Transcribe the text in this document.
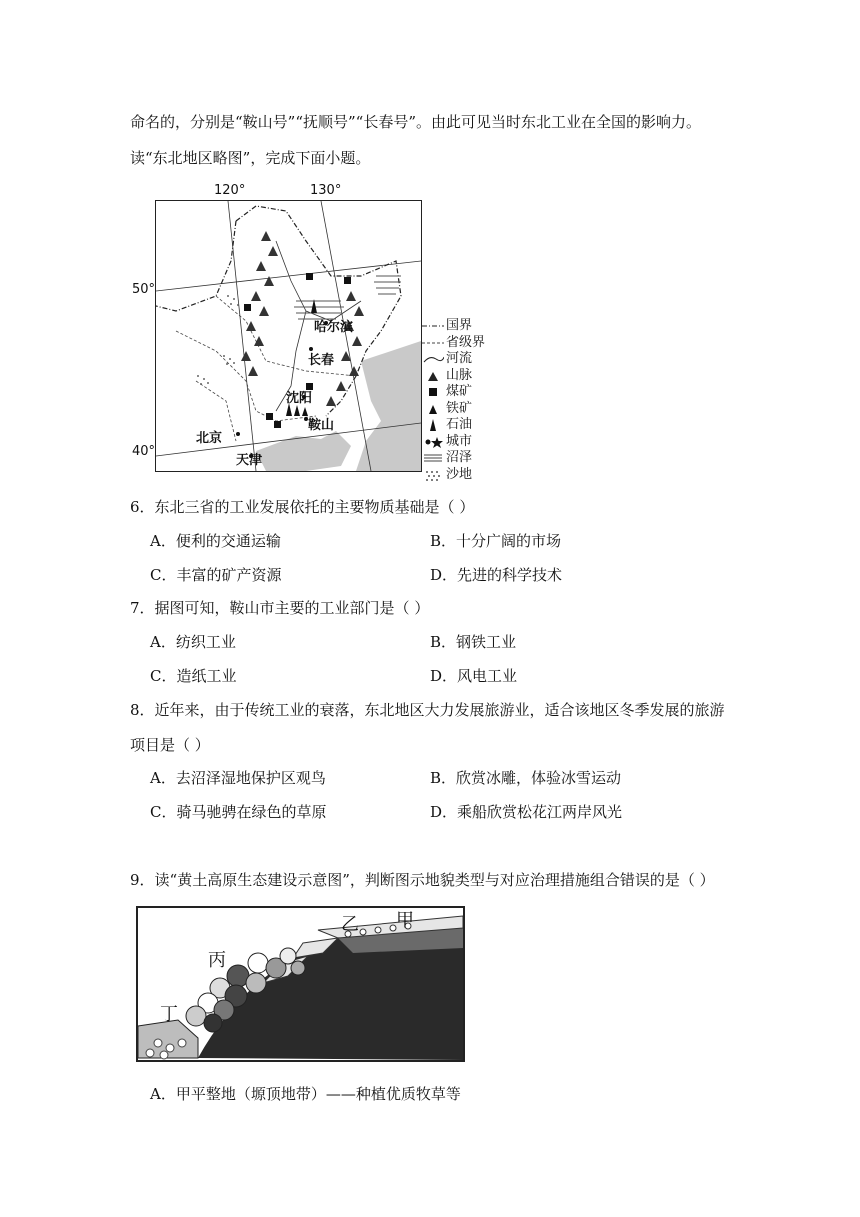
命名的，分别是“鞍山号”“抚顺号”“长春号”。由此可见当时东北工业在全国的影响力。
读“东北地区略图”，完成下面小题。
120°	130°
50°
40°
哈尔滨
长春
沈阳
鞍山
北京
天津
国界
省级界
河流
山脉
煤矿
铁矿
石油
城市
沼泽
沙地
6．东北三省的工业发展依托的主要物质基础是（ ）
A．便利的交通运输	B．十分广阔的市场
C．丰富的矿产资源	D．先进的科学技术
7．据图可知，鞍山市主要的工业部门是（ ）
A．纺织工业	B．钢铁工业
C．造纸工业	D．风电工业
8．近年来，由于传统工业的衰落，东北地区大力发展旅游业，适合该地区冬季发展的旅游
项目是（ ）
A．去沼泽湿地保护区观鸟	B．欣赏冰雕，体验冰雪运动
C．骑马驰骋在绿色的草原	D．乘船欣赏松花江两岸风光
9．读“黄土高原生态建设示意图”，判断图示地貌类型与对应治理措施组合错误的是（ ）
甲
乙
丙
丁
A．甲平整地（塬顶地带）——种植优质牧草等
